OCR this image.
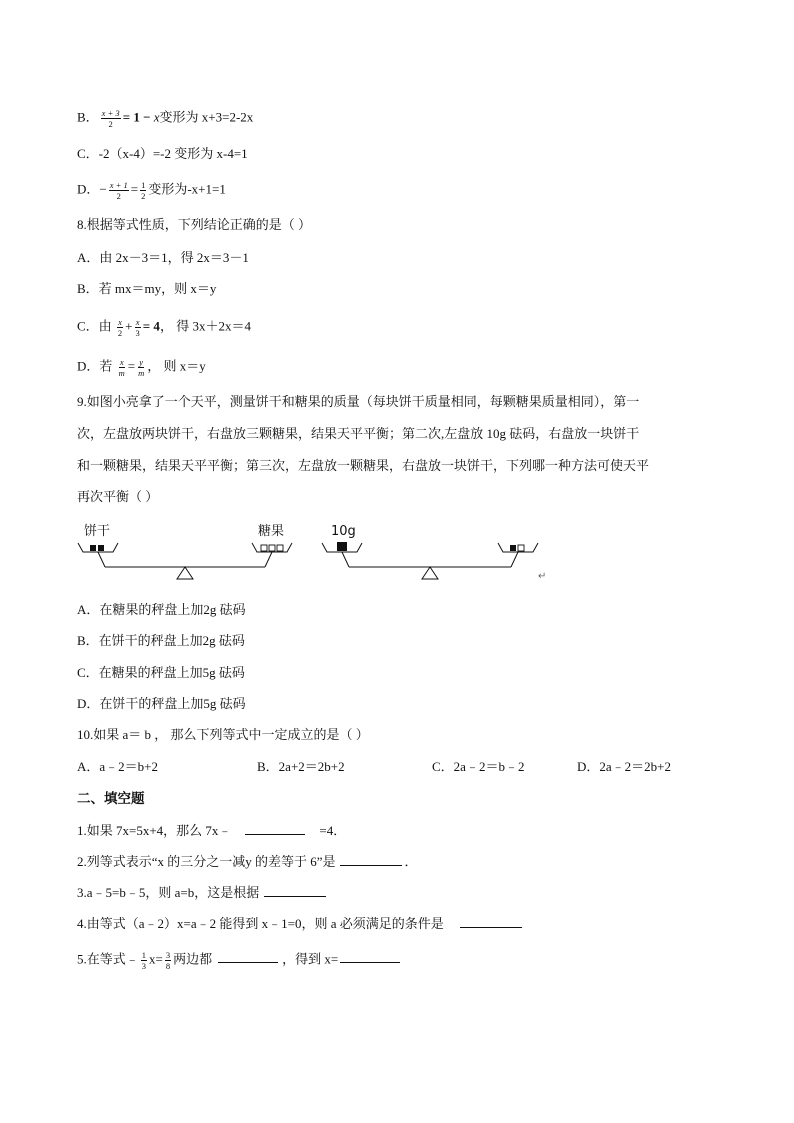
B． $\frac{x + 3}{2} = 1 - x$变形为 x+3=2-2x
C．-2（x-4）=-2 变形为 x-4=1
D．− $\frac{x + 1}{2} = \frac{1}{2}$ 变形为-x+1=1
8.根据等式性质，下列结论正确的是（ ）
A．由 2x－3＝1，得 2x＝3－1
B．若 mx＝my，则 x＝y
C．由 $\frac{x}{2} + \frac{x}{3} = 4$， 得 3x＋2x＝4
D．若 $\frac{x}{m} = \frac{y}{m}$ ， 则 x＝y
9.如图小亮拿了一个天平，测量饼干和糖果的质量（每块饼干质量相同，每颗糖果质量相同），第一
次，左盘放两块饼干，右盘放三颗糖果，结果天平平衡；第二次,左盘放 10g 砝码，右盘放一块饼干
和一颗糖果，结果天平平衡；第三次，左盘放一颗糖果，右盘放一块饼干，下列哪一种方法可使天平
再次平衡（ ）
饼干	糖果	10g
↵
A．在糖果的秤盘上加2g 砝码
B．在饼干的秤盘上加2g 砝码
C．在糖果的秤盘上加5g 砝码
D．在饼干的秤盘上加5g 砝码
10.如果 a＝ b ， 那么下列等式中一定成立的是（ ）
A．a﹣2＝b+2	B．2a+2＝2b+2	C．2a﹣2＝b﹣2	D．2a﹣2＝2b+2
二、填空题
1.如果 7x=5x+4，那么 7x﹣	=4．
2.列等式表示“x 的三分之一减y 的差等于 6”是	．
3.a﹣5=b﹣5，则 a=b，这是根据
4.由等式（a﹣2）x=a﹣2 能得到 x﹣1=0，则 a 必须满足的条件是
5.在等式﹣ $\frac{1}{3} x= \frac{3}{8}$ 两边都	，得到 x=
